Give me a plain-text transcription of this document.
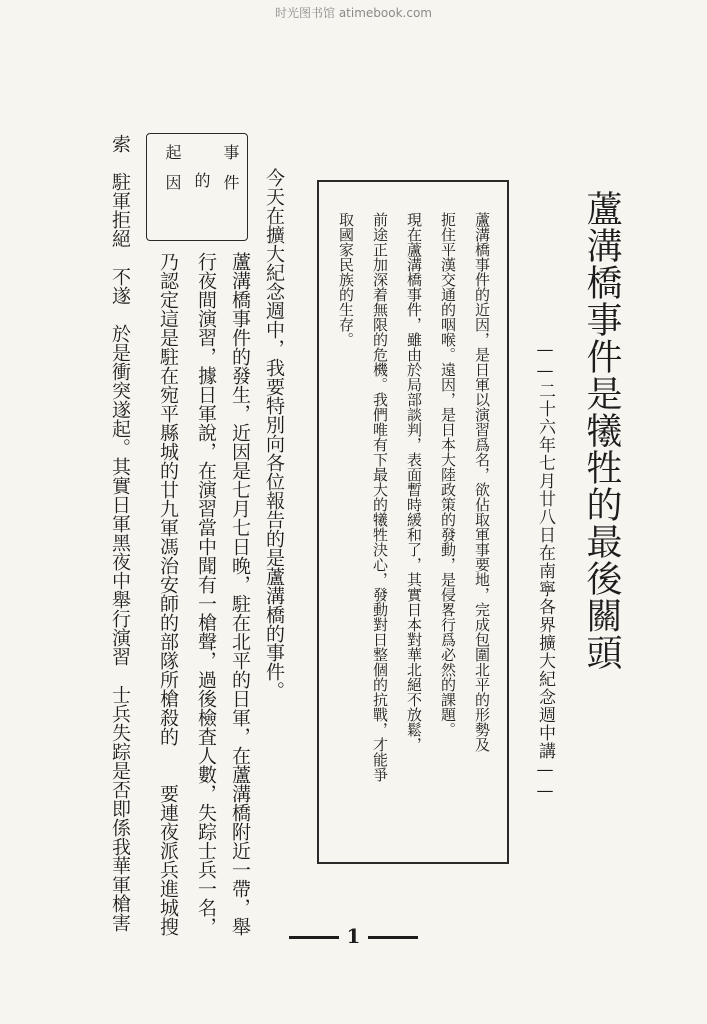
时光图书馆 atimebook.com
蘆溝橋事件是犧牲的最後關頭
——二十六年七月廿八日在南寧各界擴大紀念週中講——
蘆溝橋事件的近因，是日軍以演習爲名，欲佔取軍事要地，完成包圍北平的形勢及
扼住平漢交通的咽喉。遠因，是日本大陸政策的發動，是侵畧行爲必然的課題。
現在蘆溝橋事件，雖由於局部談判，表面暫時緩和了，其實日本對華北絕不放鬆，
前途正加深着無限的危機。我們唯有下最大的犧牲決心，發動對日整個的抗戰，才能爭
取國家民族的生存。
今天在擴大紀念週中，我要特別向各位報告的是蘆溝橋的事件。
蘆溝橋事件的發生，近因是七月七日晚，駐在北平的日軍，在蘆溝橋附近一帶，舉
行夜間演習，據日軍說，在演習當中聞有一槍聲，過後檢査人數，失踪士兵一名，
乃認定這是駐在宛平縣城的廿九軍馮治安師的部隊所槍殺的　　要連夜派兵進城搜
索　駐軍拒絕　不遂　於是衝突遂起。其實日軍黑夜中舉行演習　士兵失踪是否即係我華軍槍害	事件
的
起因
1
